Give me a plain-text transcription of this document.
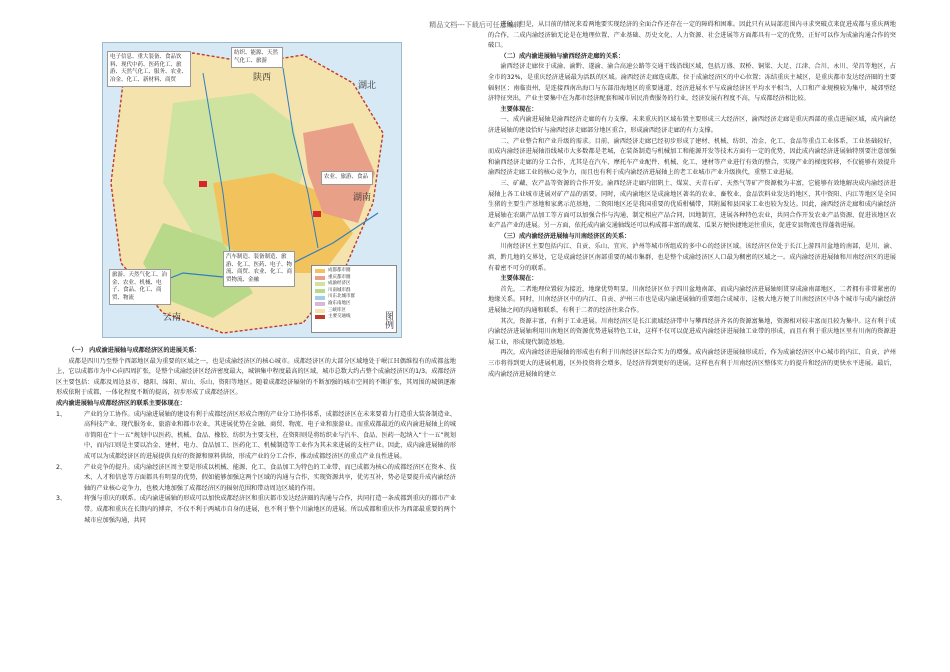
精品文档---下载后可任意编辑
陕西
湖北
湖南
云南
电子信息、重大装备、食品饮料、现代中药、医药化工、旅游、天然气化工、服务、农业、冶金、化工、新材料、商贸
纺织、能源、天然气化工、旅游
农业、旅游、食品
汽车制造、装备制造、旅游、化工、医药、电子、物流、商贸、农业、化工、商贸物流、金融
旅游、天然气化工、冶金、农业、机械、电子、食品、化工、商贸、物流
成都都市圈
重庆都市圈
成渝经济区
川南城市群
川东北城市群
渝东南地区
三峡库区
主要交通线	图例
（一） 内成渝进展轴与成都经济区的进展关系：

成都是四川乃至整个西部地区最为重要的区域之一，也是成渝经济区的核心城市。成都经济区的大部分区域地处于岷江Ｈ偶维徨有的成都盆地上，它以成都市为中心向四周扩张，是整个成渝经济区经济密度最大，城镇集中程度最高的区域，城市总数大约占整个成渝经济区的1/3。成都经济区主要包括：成都及周边县市、德阳、绵阳、眉山、乐山、资阳等地区。随着成都经济辐射的不断加强的城市空间的不断扩张，其周围的城镇逐渐形成依附于成都，一体化程度不断的提高，初步形成了成都经济区。

成内渝进展轴与成都经济区的联系主要体现在：
1、	产业的分工协作。成内渝进展轴的建设有利于成都经济区形成合理的产业分工协作体系，成都经济区在未来要着力打造重大装备制造业、高科技产业、现代服务业、旅游业和都市农业，其进展优势在金融、商贸、物流、电子业和旅游业。而重成都最近的成内渝进展轴上的城市简阳在“十一五”规划中以医药、机械、食品、橡胶、纺织为主要支柱，在资阳则是将纺织业与汽车、食品、医药一起纳入“十一五”规划中，而内江则是主要以冶金、建材、电力、食品加工、医药化工、机械制造等工业作为其未来进展的支柱产业。因此，成内渝进展轴的形成可以为成都经济区的进展提供良好的资源和原料供给，形成产业的分工合作，推动成都经济区的重点产业良性进展。
2、	产业竞争的提升。成内渝经济区周主要是形成以机械、能源、化工、食品加工为特色的工业带，而已成都为核心的成都经济区在资本、技术、人才和信息等方面都具有明显的优势，假如能够加强这两个区域的沟通与合作，实现资源共享，优劣互补，势必是要提升成内渝经济轴的产业核心竞争力，也极大地加强了成都经济区的辐射范围和带动周边区域的作用。
3、	将强与重庆的联系。成内渝进展轴的形成可以加快成都经济区和重庆都市发达经济圈的沟通与合作，共同打造一条成都到重庆的都市产业带。成都和重庆在长期内的博弈，不仅不利于两城市自身的进展，也不利于整个川渝地区的进展。所以成都和重庆作为西部最重要的两个城市应加强沟通，共同

进展。但是，从目前的情况来看两地要实现经济的全面合作还存在一定的障碍和困难。因此只有从局部范围内寻求突破点来促进成都与重庆两地的合作，二成内渝经济轴无论是在地理位置、产业基础、历史文化、人力资源、社会进展等方面都具有一定的优势，正好可以作为成渝沟通合作的突破口。

（二）成内渝进展轴与渝西经济走廊的关系：

渝西经济走廊位于成渝、渝黔、遂渝、渝合高速公路等交通干线沿线区域，包括万盛、双桥、铜梁、大足、江津、合川、永川、荣昌等地区，占全市的32%，是重庆经济进展最为活跃的区域。渝西经济走廊连成都，位于成渝经济区的中心位置；冻结重庆主城区，是重庆都市发达经济圈的主要辐射区；南临贵州，是连接西南出海口与东部沿海地区的重要通道，经济进展水平与成渝经济区平均水平相当，人口和产业规模较为集中，城郊型经济特征突出，产业主要集中在为都市经济配套和城市居民消费服务的行业，经济发展有程度不高，与成都经济相比较。

主要体现在：

一、成内渝进展轴是渝西经济走廊的有力支撑。未来重庆的区域布置主要形成三大经济区，渝西经济走廊是重庆西部的重点进展区域，成内渝经济进展轴的建设恰好与渝西经济走廊部分地区重合，形成渝西经济走廊的有力支撑。

二、产业整合和产业升级的需求。目前，渝西经济走廊已经初步形成了建材、机械、纺织、冶金、化工、食品等重点工业体系，工业基础较好，而成内渝经济进展轴沿线城市大多数都是老城，在装备制造与机械加工和能源开发等技术方面有一定的优势，因此成内渝经济进展轴特别要注意加强和渝西经济走廊的分工合作，尤其是在汽车、摩托车产业配件、机械、化工、建材等产业进行有效的整合，实现产业的梯度转移，不仅能够有效提升渝西经济走廊工业的核心竞争力，而且也有利于成内渝经济进展轴上的老工业城市产业升级换代，重整工业进展。

三、矿藏、农产品等资源的合作开发。渝西经济走廊内铝矾土、煤炭、天青石矿、天然气等矿产资源极为丰富，它能够有效地解决成内渝经济进展轴上各工业城市进展对矿产品的需要。同时，成内渝地区是成渝地区著名的农业、畜牧业、食品饮料业发达的地区，其中资阳、内江等地区是全国生猪的主要生产基地和家禽示范基地，二资阳地区还是我国重要的优质柑橘带，其附属和县国家工业也较为发达。因此，渝西经济走廊和成内渝经济进展轴在农副产品加工等方面可以加强合作与沟通，制定相应产品合同，因地制宜，进展各种特色农业，共同合作开发农业产品资源，促进该地区农业产品产业的进展。另一方面，依托成内渝交通轴线还可以构成都丰富的蔬菜、瓜果方便快捷地运往重庆，促进安县物流也得蓬勃进展。

（三）成内渝经济进展轴与川南经济区的关系：

川南经济区主要包括内江、自贡、乐山、宜宾、泸州等城市所组成的多中心的经济区域。该经济区位处于长江上游四川盆地的南部，是川、渝、滇、黔几地的交界处，它是成渝经济区南部重要的城市集群，也是整个成渝经济区人口最为稠密的区域之一。成内渝经济进展轴和川南经济区的进展有着密不可分的联系。

主要体现在：

首先，二者地理位置较为接近，地缘优势明显。川南经济区位于四川盆地南部，而成内渝经济进展轴则贯穿成渝南部地区，二者拥有非常紧密的地缘关系。同时，川南经济区中的内江、自贡、泸州三市也是成内渝进展轴的重要组合成城市，这极大地方便了川南经济区中各个城市与成内渝经济进展轴之间的沟通和联系，有利于二者的经济往来合作。

其次，资源丰富，有利于工业进展。川南经济区是长江流域经济带中与攀西经济齐名的资源富集地，资源相对较丰富而且较为集中。这有利于成内渝经济进展轴利用川南地区的资源优势进展特色工业，这样不仅可以促进成内渝经济进展轴工业带的形成，而且有利于重庆地区里有川南的资源进展工业，形成现代制造基地。

再次，成内渝经济进展轴的形成也有利于川南经济区综合实力的增强。成内渝经济进展轴形成后，作为成渝经济区中心城市的内江、自贡、泸州三市将得到更大的进展机遇，区外投资将会增多，是经济得到更好的进展。这样也有利于川南经济区整体实力的提升和经济的更快水平进展。最后，成内渝经济进展轴的建立
